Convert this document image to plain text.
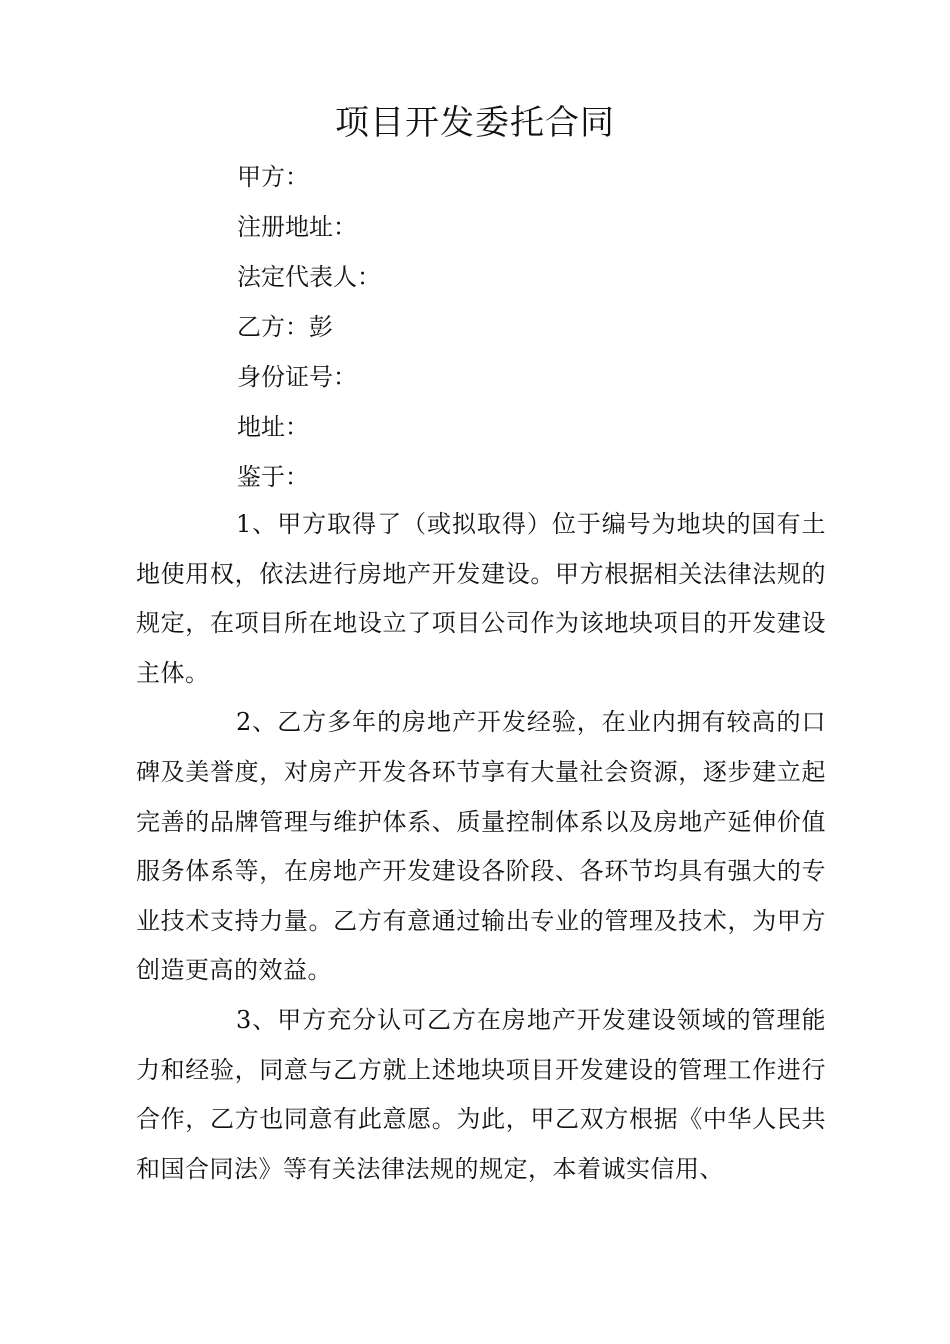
项目开发委托合同
甲方：
注册地址：
法定代表人：
乙方：彭
身份证号：
地址：
鉴于：

1、甲方取得了（或拟取得）位于编号为地块的国有土地使用权，依法进行房地产开发建设。甲方根据相关法律法规的规定，在项目所在地设立了项目公司作为该地块项目的开发建设主体。

2、乙方多年的房地产开发经验，在业内拥有较高的口碑及美誉度，对房产开发各环节享有大量社会资源，逐步建立起完善的品牌管理与维护体系、质量控制体系以及房地产延伸价值服务体系等，在房地产开发建设各阶段、各环节均具有强大的专业技术支持力量。乙方有意通过输出专业的管理及技术，为甲方创造更高的效益。

3、甲方充分认可乙方在房地产开发建设领域的管理能力和经验，同意与乙方就上述地块项目开发建设的管理工作进行合作，乙方也同意有此意愿。为此，甲乙双方根据《中华人民共和国合同法》等有关法律法规的规定，本着诚实信用、
